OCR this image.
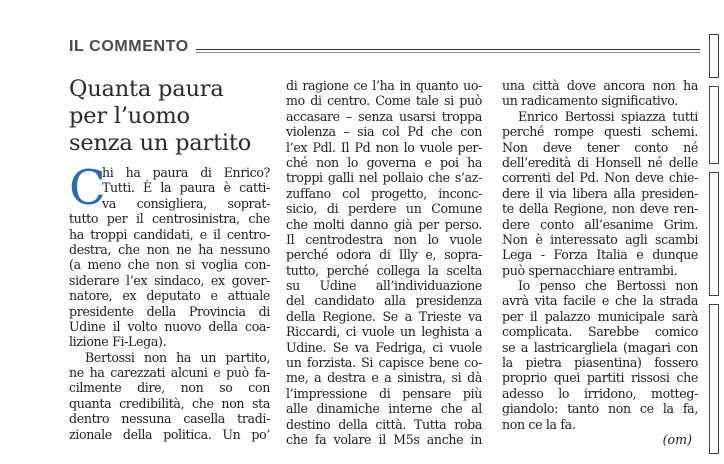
IL COMMENTO
Quanta paura
per l’uomo
senza un partito
C
hi ha paura di Enrico?
Tutti. È la paura è catti-
va consigliera, soprat-
tutto per il centrosinistra, che
ha troppi candidati, e il centro-
destra, che non ne ha nessuno
(a meno che non si voglia con-
siderare l’ex sindaco, ex gover-
natore, ex deputato e attuale
presidente della Provincia di
Udine il volto nuovo della coa-
lizione Fi-Lega).
Bertossi non ha un partito,
ne ha carezzati alcuni e può fa-
cilmente dire, non so con
quanta credibilità, che non sta
dentro nessuna casella tradi-
zionale della politica. Un po’
di ragione ce l’ha in quanto uo-
mo di centro. Come tale si può
accasare – senza usarsi troppa
violenza – sia col Pd che con
l’ex Pdl. Il Pd non lo vuole per-
ché non lo governa e poi ha
troppi galli nel pollaio che s’az-
zuffano col progetto, inconc-
sicio, di perdere un Comune
che molti danno già per perso.
Il centrodestra non lo vuole
perché odora di Illy e, sopra-
tutto, perché collega la scelta
su Udine all’individuazione
del candidato alla presidenza
della Regione. Se a Trieste va
Riccardi, ci vuole un leghista a
Udine. Se va Fedriga, ci vuole
un forzista. Si capisce bene co-
me, a destra e a sinistra, si dà
l’impressione di pensare più
alle dinamiche interne che al
destino della città. Tutta roba
che fa volare il M5s anche in
una città dove ancora non ha
un radicamento significativo.
Enrico Bertossi spiazza tutti
perché rompe questi schemi.
Non deve tener conto né
dell’eredità di Honsell né delle
correnti del Pd. Non deve chie-
dere il via libera alla presiden-
te della Regione, non deve ren-
dere conto all’esanime Grim.
Non è interessato agli scambi
Lega - Forza Italia e dunque
può spernacchiare entrambi.
Io penso che Bertossi non
avrà vita facile e che la strada
per il palazzo municipale sarà
complicata. Sarebbe comico
se a lastricargliela (magari con
la pietra piasentina) fossero
proprio quei partiti rissosi che
adesso lo irridono, motteg-
giandolo: tanto non ce la fa,
non ce la fa.
(om)
